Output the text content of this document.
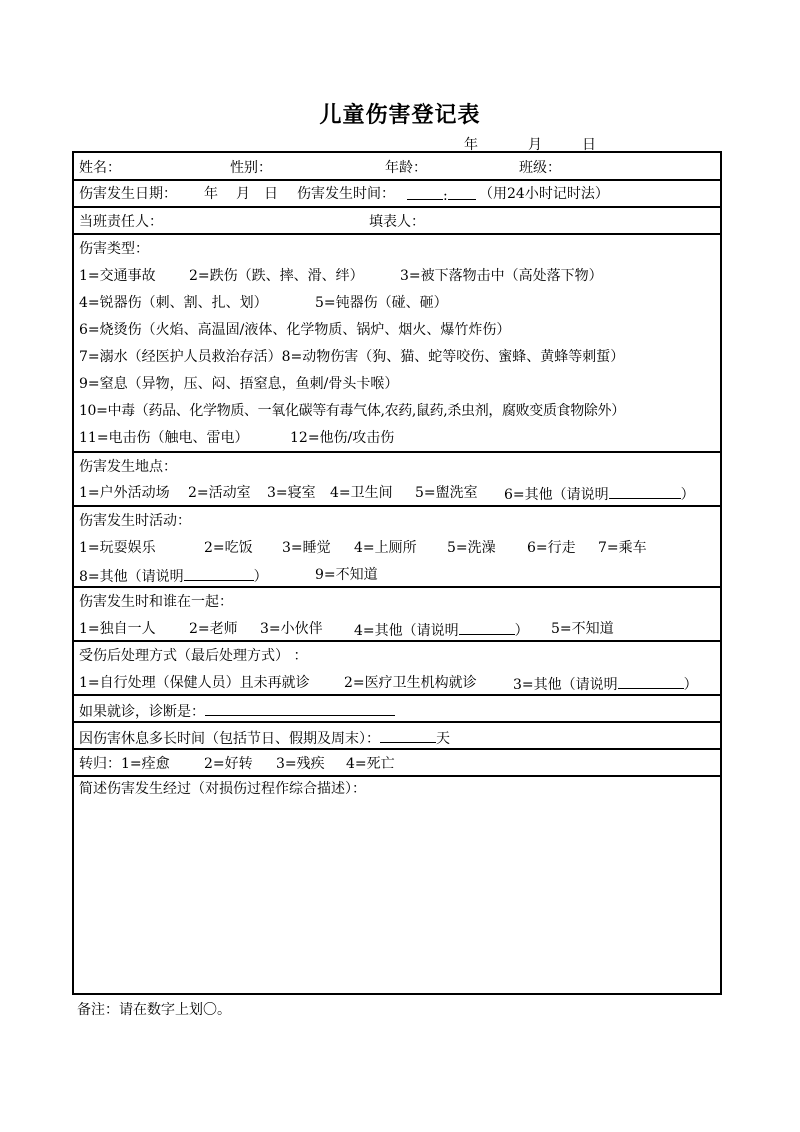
儿童伤害登记表
年	月	日
姓名：	性别：	年龄：	班级：
伤害发生日期： 年 月 日 伤害发生时间：	:	（用24小时记时法）
当班责任人：	填表人：
伤害类型：
1=交通事故 2=跌伤（跌、摔、滑、绊）	3=被下落物击中（高处落下物）
4=锐器伤（刺、割、扎、划）	5=钝器伤（碰、砸）
6=烧烫伤（火焰、高温固/液体、化学物质、锅炉、烟火、爆竹炸伤）
7=溺水（经医护人员救治存活）8=动物伤害（狗、猫、蛇等咬伤、蜜蜂、黄蜂等刺蜇）
9=窒息（异物，压、闷、捂窒息，鱼刺/骨头卡喉）
10=中毒（药品、化学物质、一氧化碳等有毒气体,农药,鼠药,杀虫剂，腐败变质食物除外）
11=电击伤（触电、雷电）	12=他伤/攻击伤
伤害发生地点：
1=户外活动场 2=活动室 3=寝室 4=卫生间 5=盥洗室 6=其他（请说明	）
伤害发生时活动：
1=玩耍娱乐	2=吃饭 3=睡觉 4=上厕所 5=洗澡 6=行走 7=乘车
8=其他（请说明	）	9=不知道
伤害发生时和谁在一起：
1=独自一人 2=老师 3=小伙伴 4=其他（请说明	） 5=不知道
受伤后处理方式（最后处理方式） ：
1=自行处理（保健人员）且未再就诊 2=医疗卫生机构就诊	3=其他（请说明	）
如果就诊，诊断是：
因伤害休息多长时间（包括节日、假期及周末）：	天
转归： 1=痊愈 2=好转 3=残疾 4=死亡
简述伤害发生经过（对损伤过程作综合描述）：
备注：请在数字上划〇。
